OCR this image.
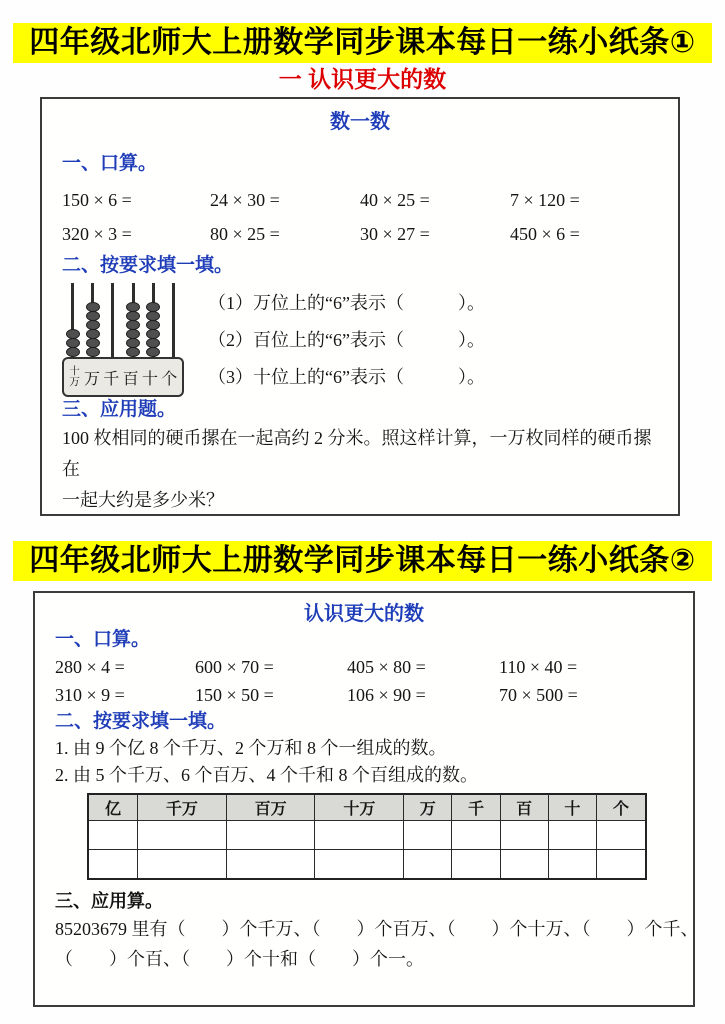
四年级北师大上册数学同步课本每日一练小纸条①
一 认识更大的数
数一数
一、口算。
150 × 6 =	24 × 30 =	40 × 25 =	7 × 120 =
320 × 3 =	80 × 25 =	30 × 27 =	450 × 6 =
二、按要求填一填。
十万 万 千 百 十 个
（1）万位上的“6”表示（　　　）。
（2）百位上的“6”表示（　　　）。
（3）十位上的“6”表示（　　　）。
三、应用题。
100 枚相同的硬币摞在一起高约 2 分米。照这样计算，一万枚同样的硬币摞在
一起大约是多少米？
四年级北师大上册数学同步课本每日一练小纸条②
认识更大的数
一、口算。
280 × 4 =	600 × 70 =	405 × 80 =	110 × 40 =
310 × 9 =	150 × 50 =	106 × 90 =	70 × 500 =
二、按要求填一填。
1. 由 9 个亿 8 个千万、2 个万和 8 个一组成的数。
2. 由 5 个千万、6 个百万、4 个千和 8 个百组成的数。
亿	千万	百万	十万	万	千	百	十	个

三、应用算。
85203679 里有（　　）个千万、（　　）个百万、（　　）个十万、（　　）个千、
（　　）个百、（　　）个十和（　　）个一。
